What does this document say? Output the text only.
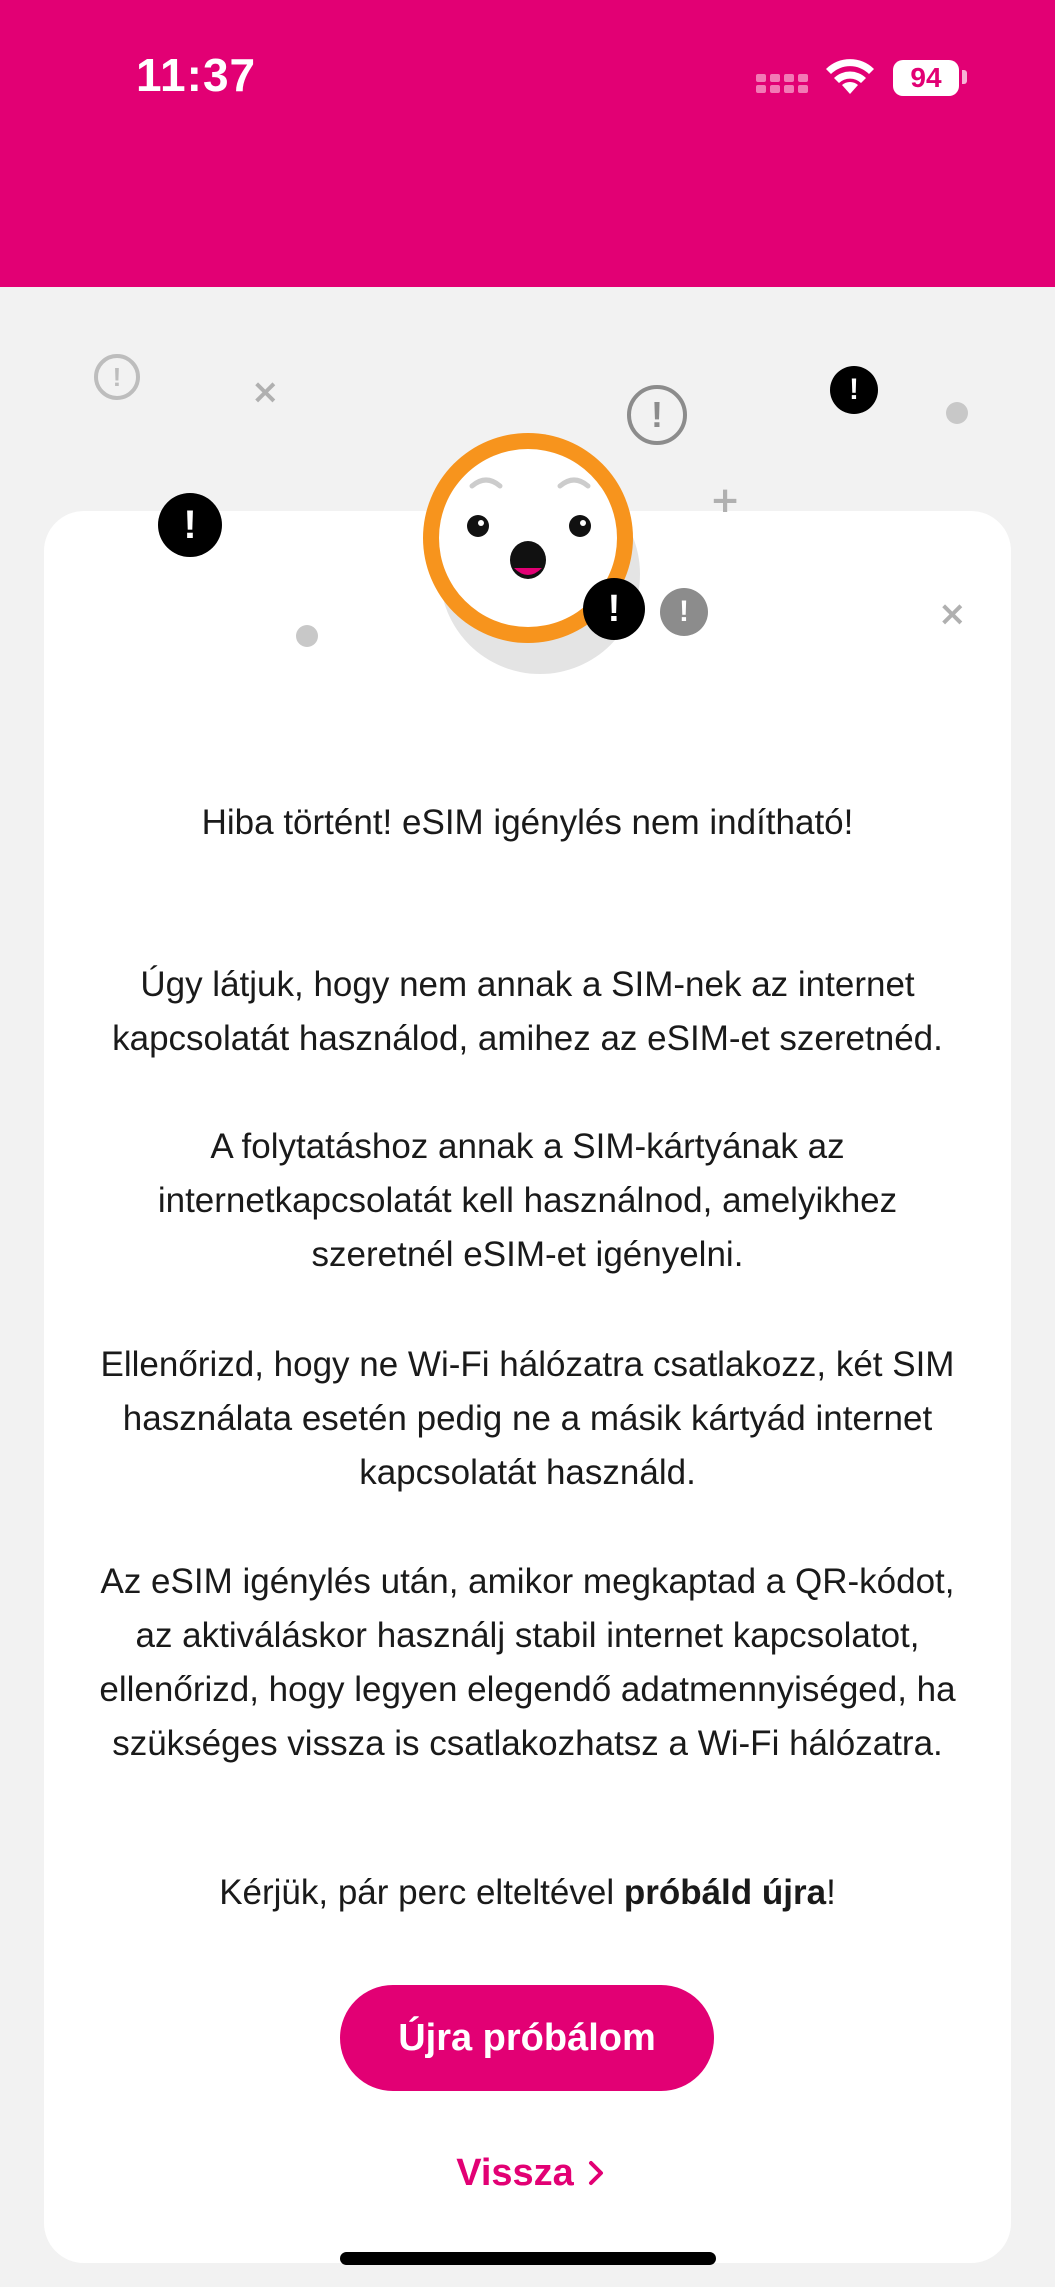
11:37	94
!	×
!
!
!
+
!	!	×
Hiba történt! eSIM igénylés nem indítható!
Úgy látjuk, hogy nem annak a SIM-nek az internet kapcsolatát használod, amihez az eSIM-et szeretnéd.
A folytatáshoz annak a SIM-kártyának az internetkapcsolatát kell használnod, amelyikhez szeretnél eSIM-et igényelni.
Ellenőrizd, hogy ne Wi-Fi hálózatra csatlakozz, két SIM használata esetén pedig ne a másik kártyád internet kapcsolatát használd.
Az eSIM igénylés után, amikor megkaptad a QR-kódot, az aktiváláskor használj stabil internet kapcsolatot, ellenőrizd, hogy legyen elegendő adatmennyiséged, ha szükséges vissza is csatlakozhatsz a Wi-Fi hálózatra.
Kérjük, pár perc elteltével próbáld újra!
Újra próbálom
Vissza
